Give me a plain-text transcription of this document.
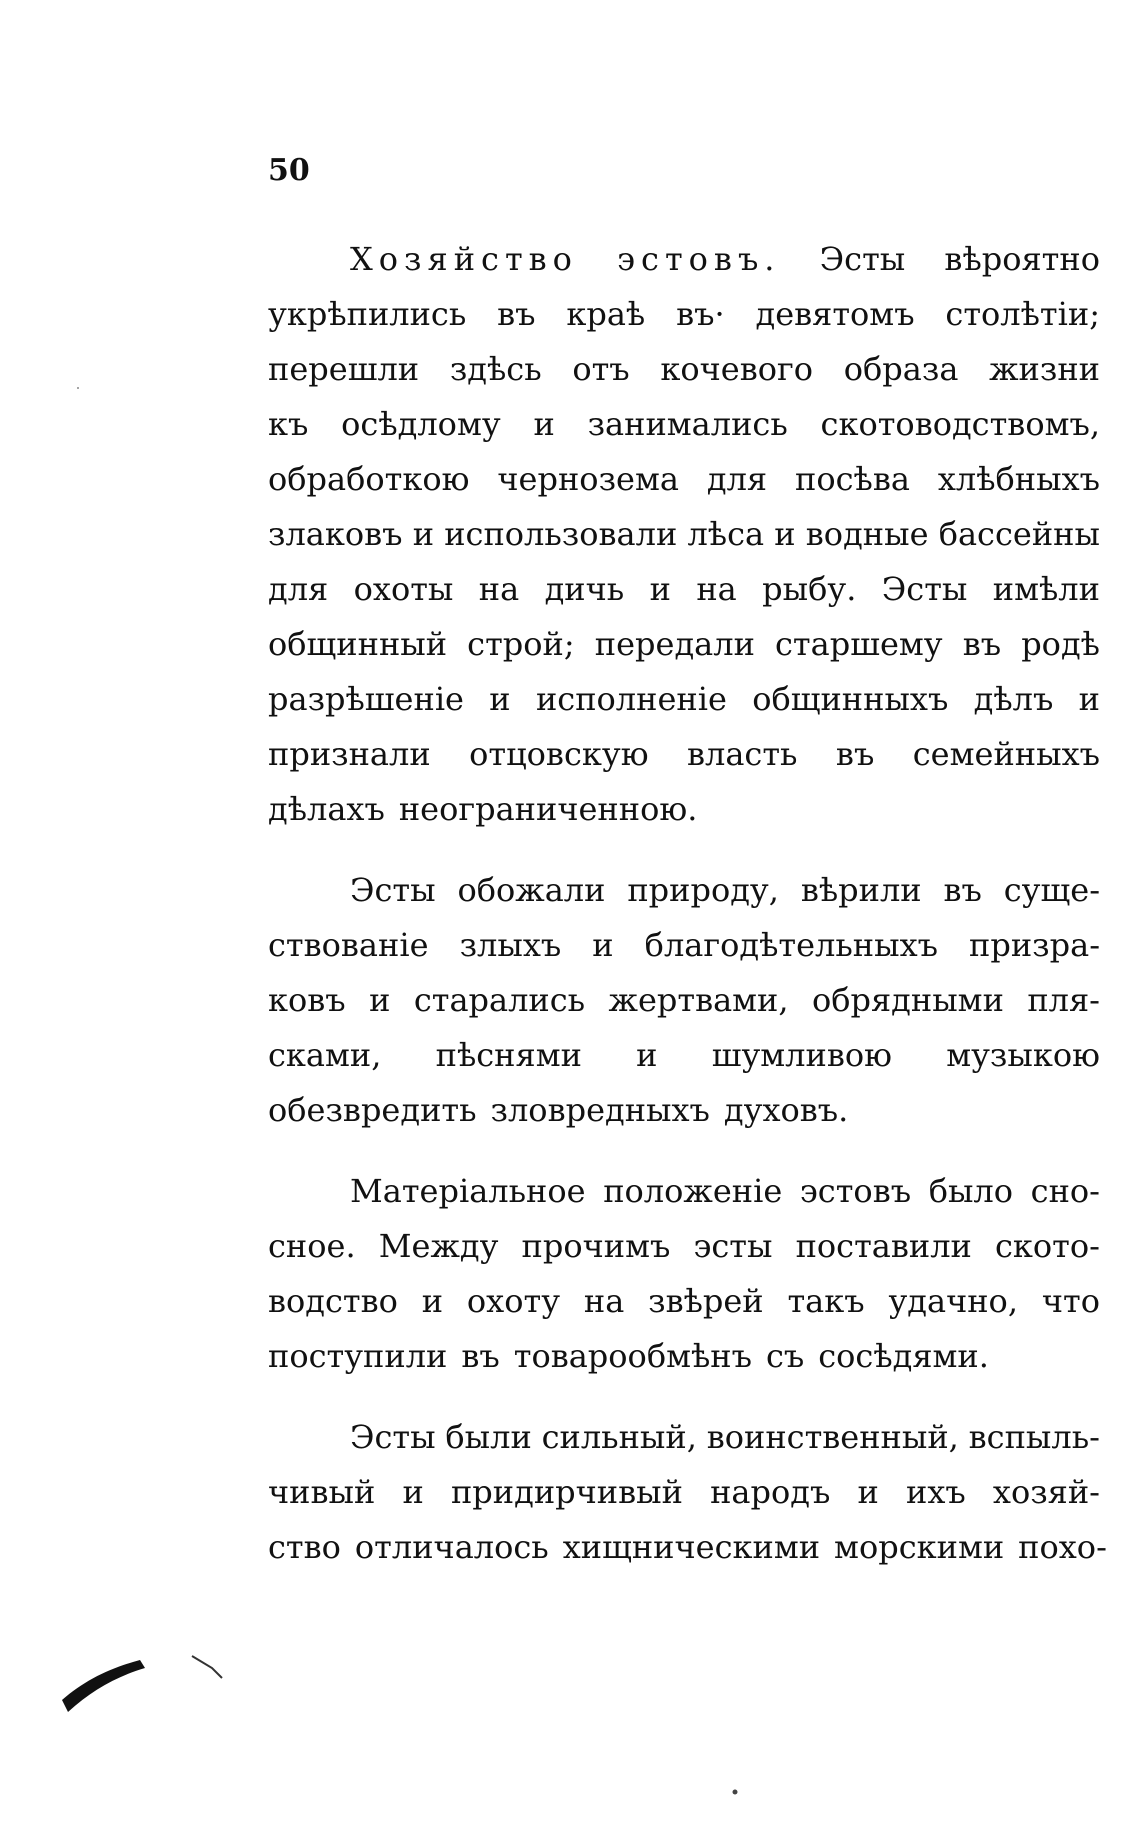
50
Хозяйство эстовъ. Эсты вѣроятно
укрѣпились въ краѣ въ· девятомъ столѣтіи;
перешли здѣсь отъ кочевого образа жизни
къ осѣдлому и занимались скотоводствомъ,
обработкою чернозема для посѣва хлѣбныхъ
злаковъ и использовали лѣса и водные бассейны
для охоты на дичь и на рыбу. Эсты имѣли
общинный строй; передали старшему въ родѣ
разрѣшеніе и исполненіе общинныхъ дѣлъ и
признали отцовскую власть въ семейныхъ
дѣлахъ неограниченною.
Эсты обожали природу, вѣрили въ суще-
ствованіе злыхъ и благодѣтельныхъ призра-
ковъ и старались жертвами, обрядными пля-
сками, пѣснями и шумливою музыкою
обезвредить зловредныхъ духовъ.
Матеріальное положеніе эстовъ было сно-
сное. Между прочимъ эсты поставили ското-
водство и охоту на звѣрей такъ удачно, что
поступили въ товарообмѣнъ съ сосѣдями.
Эсты были сильный, воинственный, вспыль-
чивый и придирчивый народъ и ихъ хозяй-
ство отличалось хищническими морскими похо-
